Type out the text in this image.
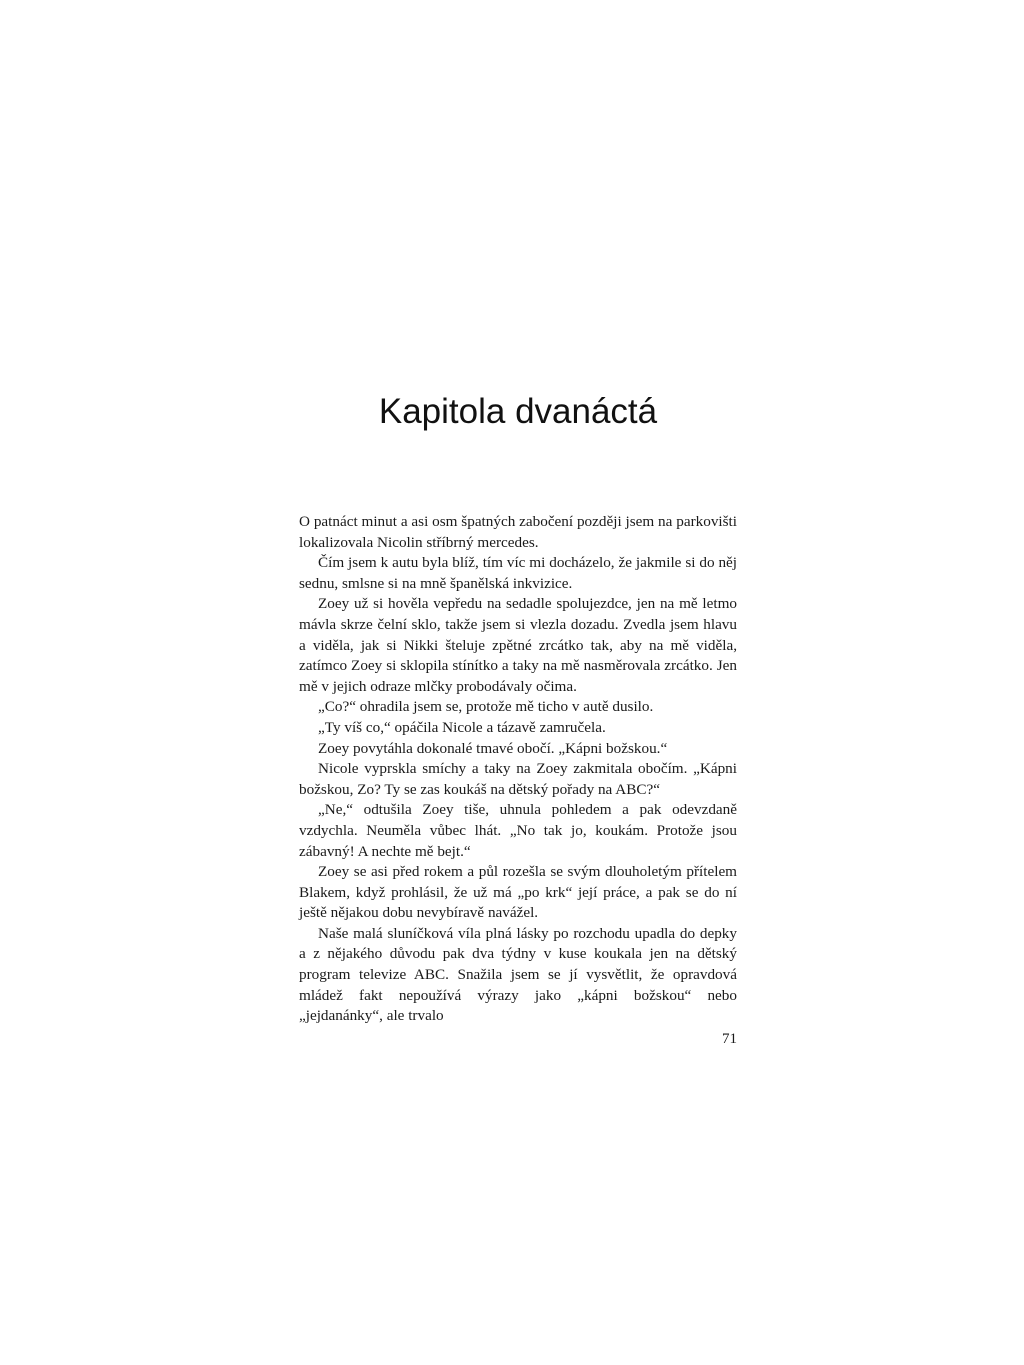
Kapitola dvanáctá

O patnáct minut a asi osm špatných zabočení později jsem na parkovišti lokalizovala Nicolin stříbrný mercedes.

Čím jsem k autu byla blíž, tím víc mi docházelo, že jakmile si do něj sednu, smlsne si na mně španělská inkvizice.

Zoey už si hověla vepředu na sedadle spolujezdce, jen na mě letmo mávla skrze čelní sklo, takže jsem si vlezla dozadu. Zvedla jsem hlavu a viděla, jak si Nikki šteluje zpětné zrcátko tak, aby na mě viděla, zatímco Zoey si sklopila stínítko a taky na mě nasměrovala zrcátko. Jen mě v jejich odraze mlčky probodávaly očima.

„Co?“ ohradila jsem se, protože mě ticho v autě dusilo.

„Ty víš co,“ opáčila Nicole a tázavě zamručela.

Zoey povytáhla dokonalé tmavé obočí. „Kápni božskou.“

Nicole vyprskla smíchy a taky na Zoey zakmitala obočím. „Kápni božskou, Zo? Ty se zas koukáš na dětský pořady na ABC?“

„Ne,“ odtušila Zoey tiše, uhnula pohledem a pak odevzdaně vzdychla. Neuměla vůbec lhát. „No tak jo, koukám. Protože jsou zábavný! A nechte mě bejt.“

Zoey se asi před rokem a půl rozešla se svým dlouholetým přítelem Blakem, když prohlásil, že už má „po krk“ její práce, a pak se do ní ještě nějakou dobu nevybíravě navážel.

Naše malá sluníčková víla plná lásky po rozchodu upadla do depky a z nějakého důvodu pak dva týdny v kuse koukala jen na dětský program televize ABC. Snažila jsem se jí vysvětlit, že opravdová mládež fakt nepoužívá výrazy jako „kápni božskou“ nebo „jejdanánky“, ale trvalo

71
